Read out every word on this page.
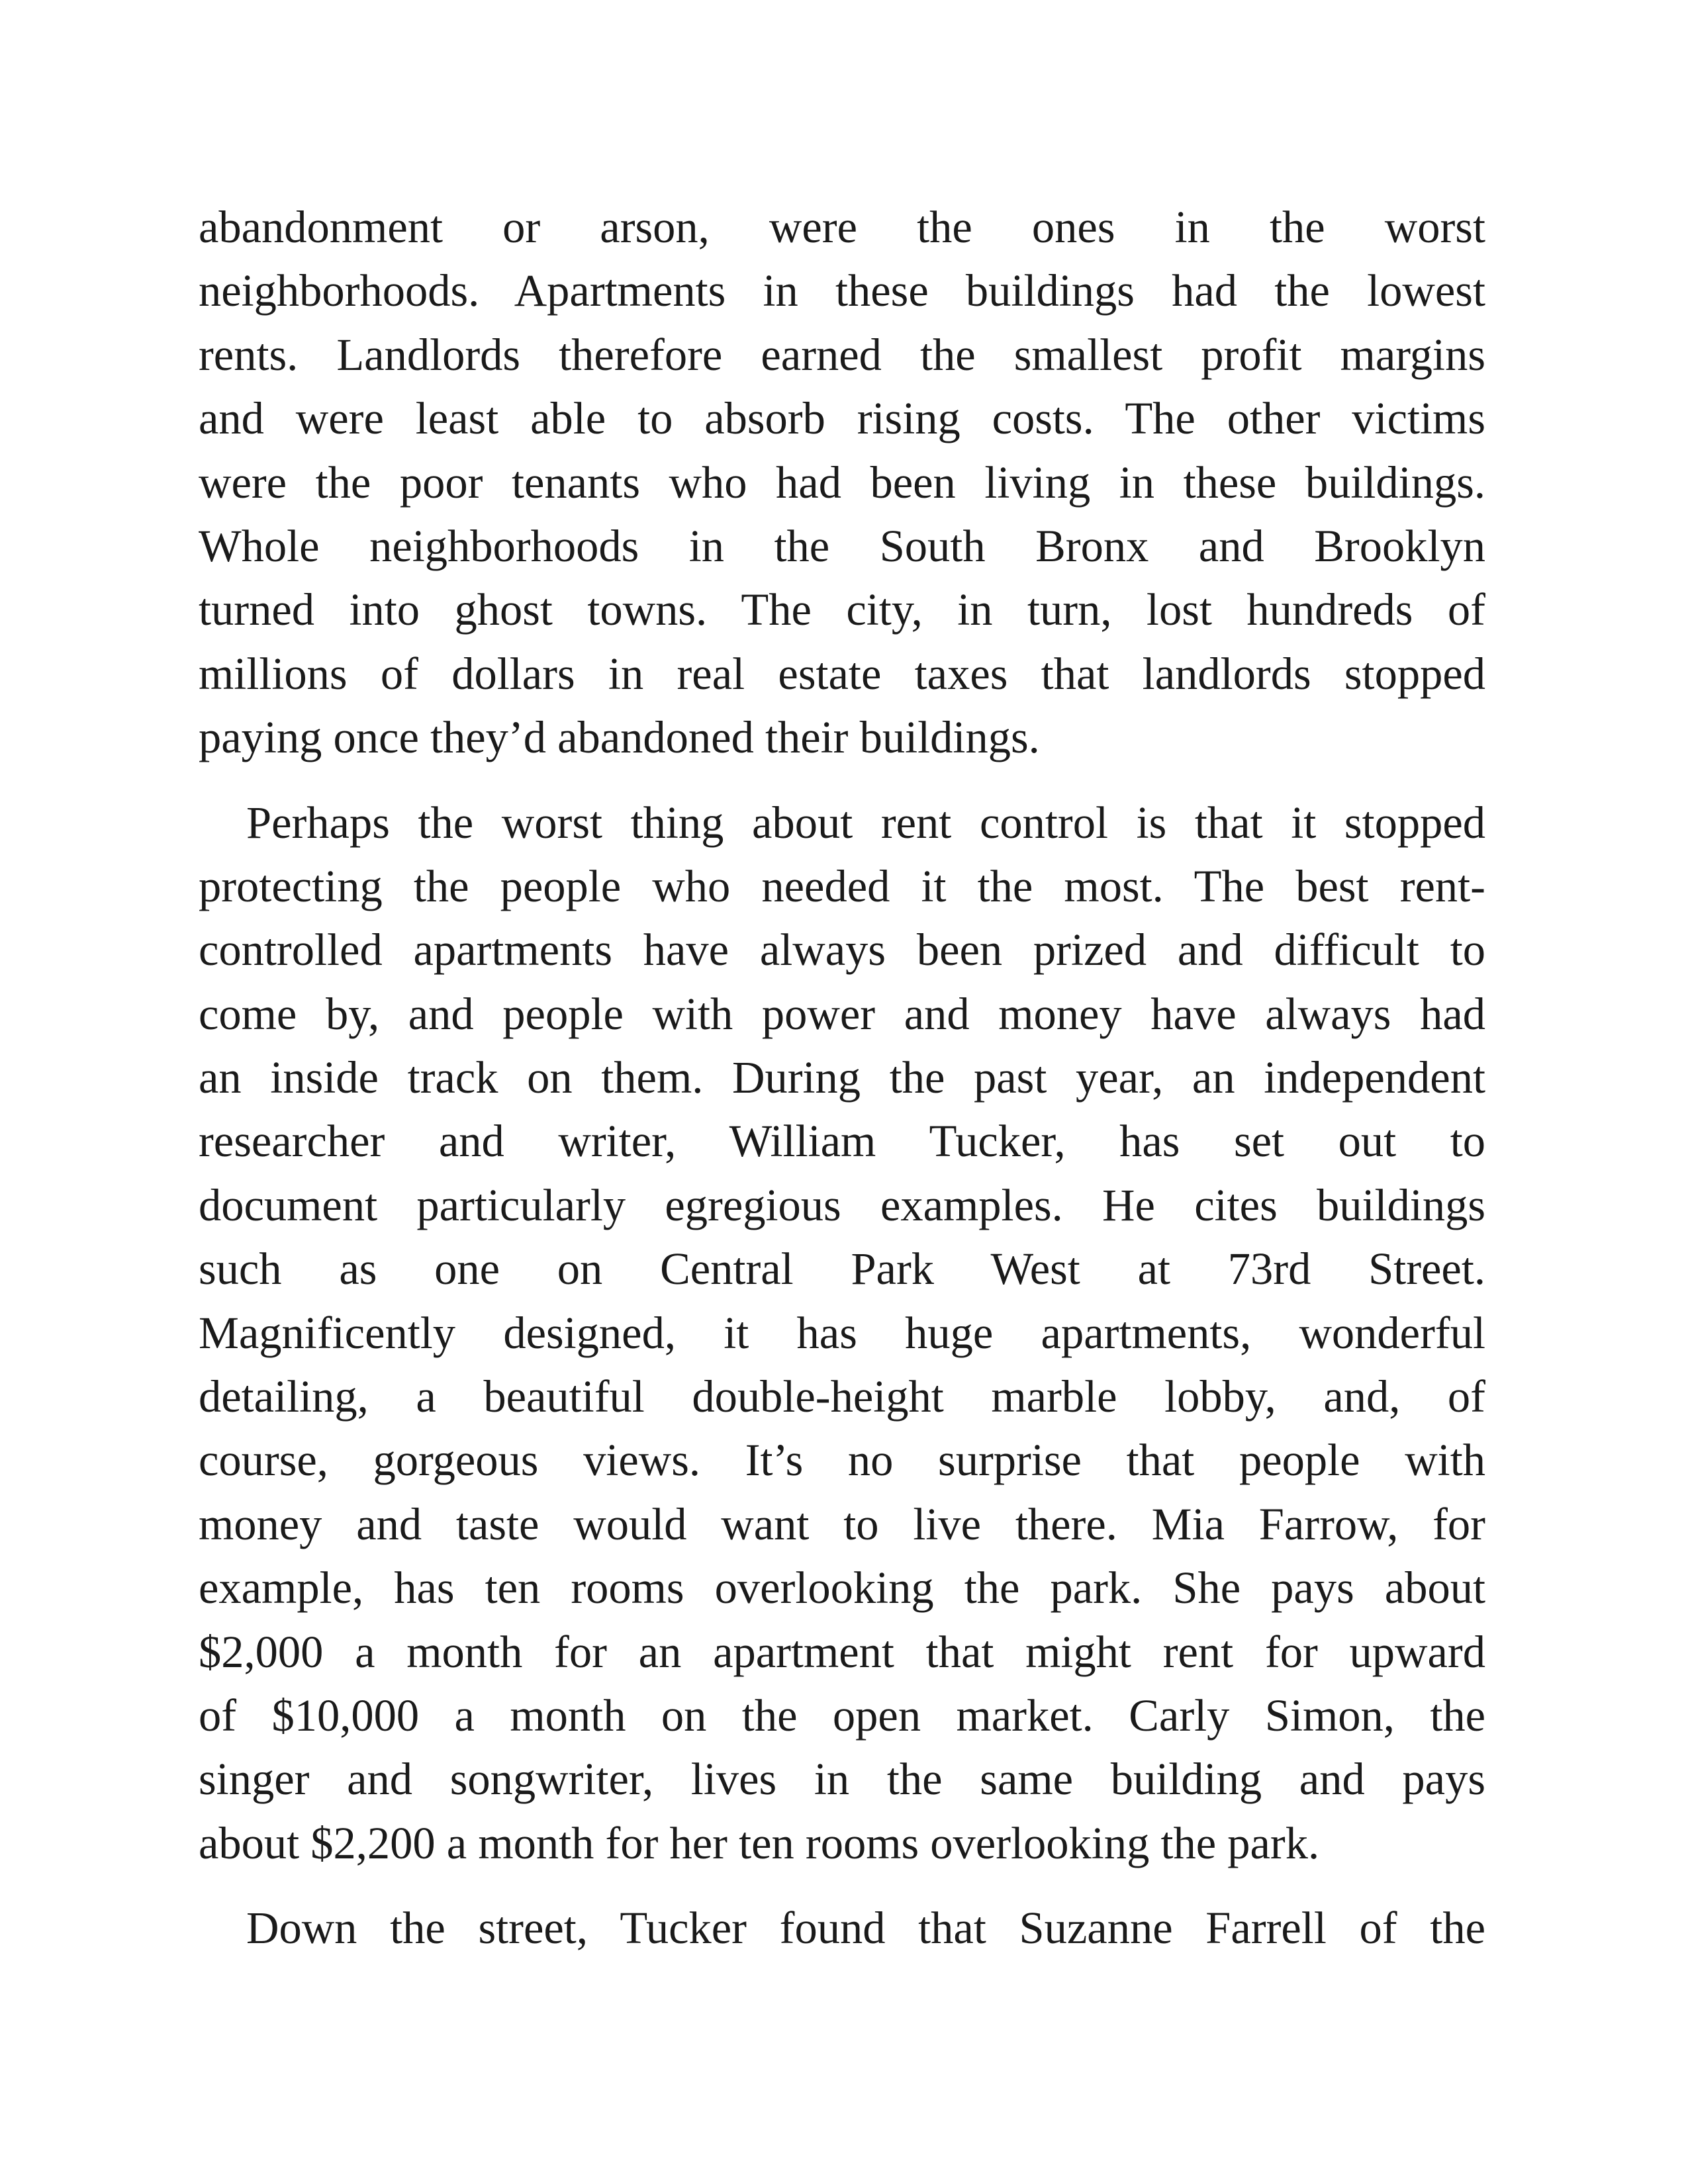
abandonment or arson, were the ones in the worst
neighborhoods. Apartments in these buildings had the lowest
rents. Landlords therefore earned the smallest profit margins
and were least able to absorb rising costs. The other victims
were the poor tenants who had been living in these buildings.
Whole neighborhoods in the South Bronx and Brooklyn
turned into ghost towns. The city, in turn, lost hundreds of
millions of dollars in real estate taxes that landlords stopped
paying once they’d abandoned their buildings.
Perhaps the worst thing about rent control is that it stopped
protecting the people who needed it the most. The best rent-
controlled apartments have always been prized and difficult to
come by, and people with power and money have always had
an inside track on them. During the past year, an independent
researcher and writer, William Tucker, has set out to
document particularly egregious examples. He cites buildings
such as one on Central Park West at 73rd Street.
Magnificently designed, it has huge apartments, wonderful
detailing, a beautiful double-height marble lobby, and, of
course, gorgeous views. It’s no surprise that people with
money and taste would want to live there. Mia Farrow, for
example, has ten rooms overlooking the park. She pays about
$2,000 a month for an apartment that might rent for upward
of $10,000 a month on the open market. Carly Simon, the
singer and songwriter, lives in the same building and pays
about $2,200 a month for her ten rooms overlooking the park.
Down the street, Tucker found that Suzanne Farrell of the
